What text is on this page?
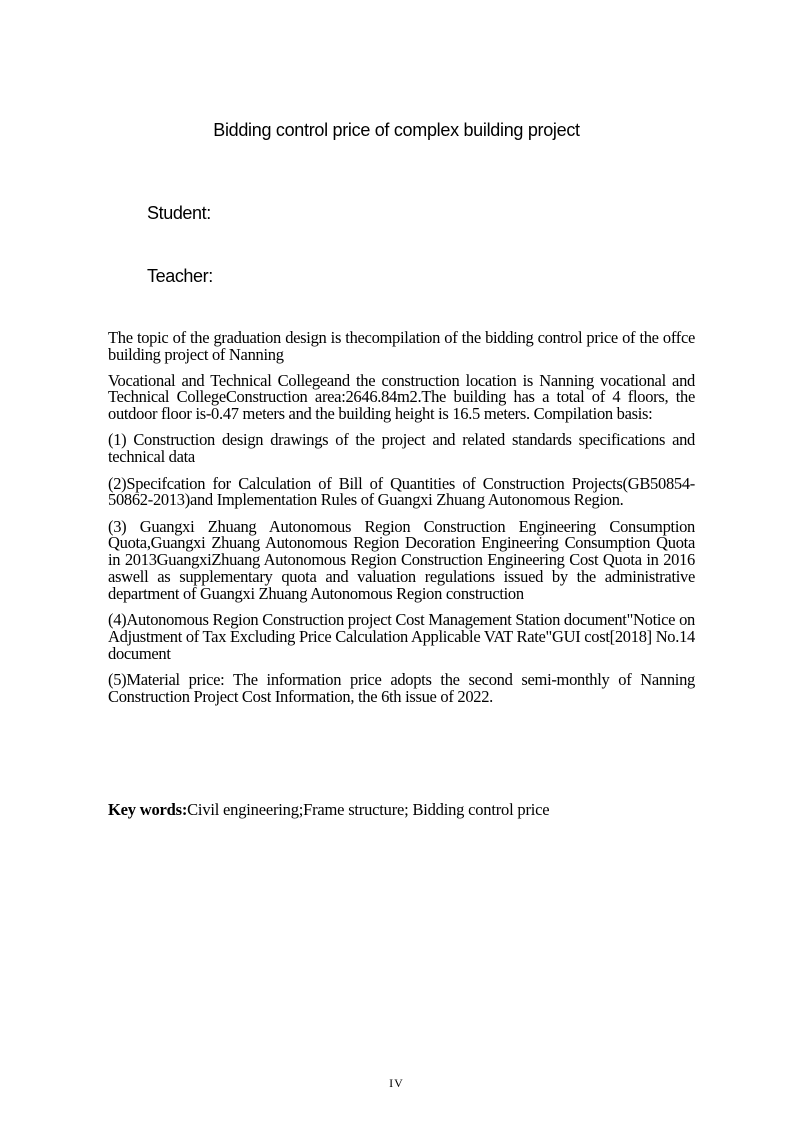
Bidding control price of complex building project

Student:

Teacher:

The topic of the graduation design is thecompilation of the bidding control price of the offce building project of Nanning

Vocational and Technical Collegeand the construction location is Nanning vocational and Technical CollegeConstruction area:2646.84m2.The building has a total of 4 floors, the outdoor floor is-0.47 meters and the building height is 16.5 meters. Compilation basis:

(1) Construction design drawings of the project and related standards specifications and technical data

(2)Specifcation for Calculation of Bill of Quantities of Construction Projects(GB50854-50862-2013)and Implementation Rules of Guangxi Zhuang Autonomous Region.

(3) Guangxi Zhuang Autonomous Region Construction Engineering Consumption Quota,Guangxi Zhuang Autonomous Region Decoration Engineering Consumption Quota in 2013GuangxiZhuang Autonomous Region Construction Engineering Cost Quota in 2016 aswell as supplementary quota and valuation regulations issued by the administrative department of Guangxi Zhuang Autonomous Region construction

(4)Autonomous Region Construction project Cost Management Station document"Notice on Adjustment of Tax Excluding Price Calculation Applicable VAT Rate"GUI cost[2018] No.14 document

(5)Material price: The information price adopts the second semi-monthly of Nanning Construction Project Cost Information, the 6th issue of 2022.

Key words:Civil engineering;Frame structure; Bidding control price

IV
